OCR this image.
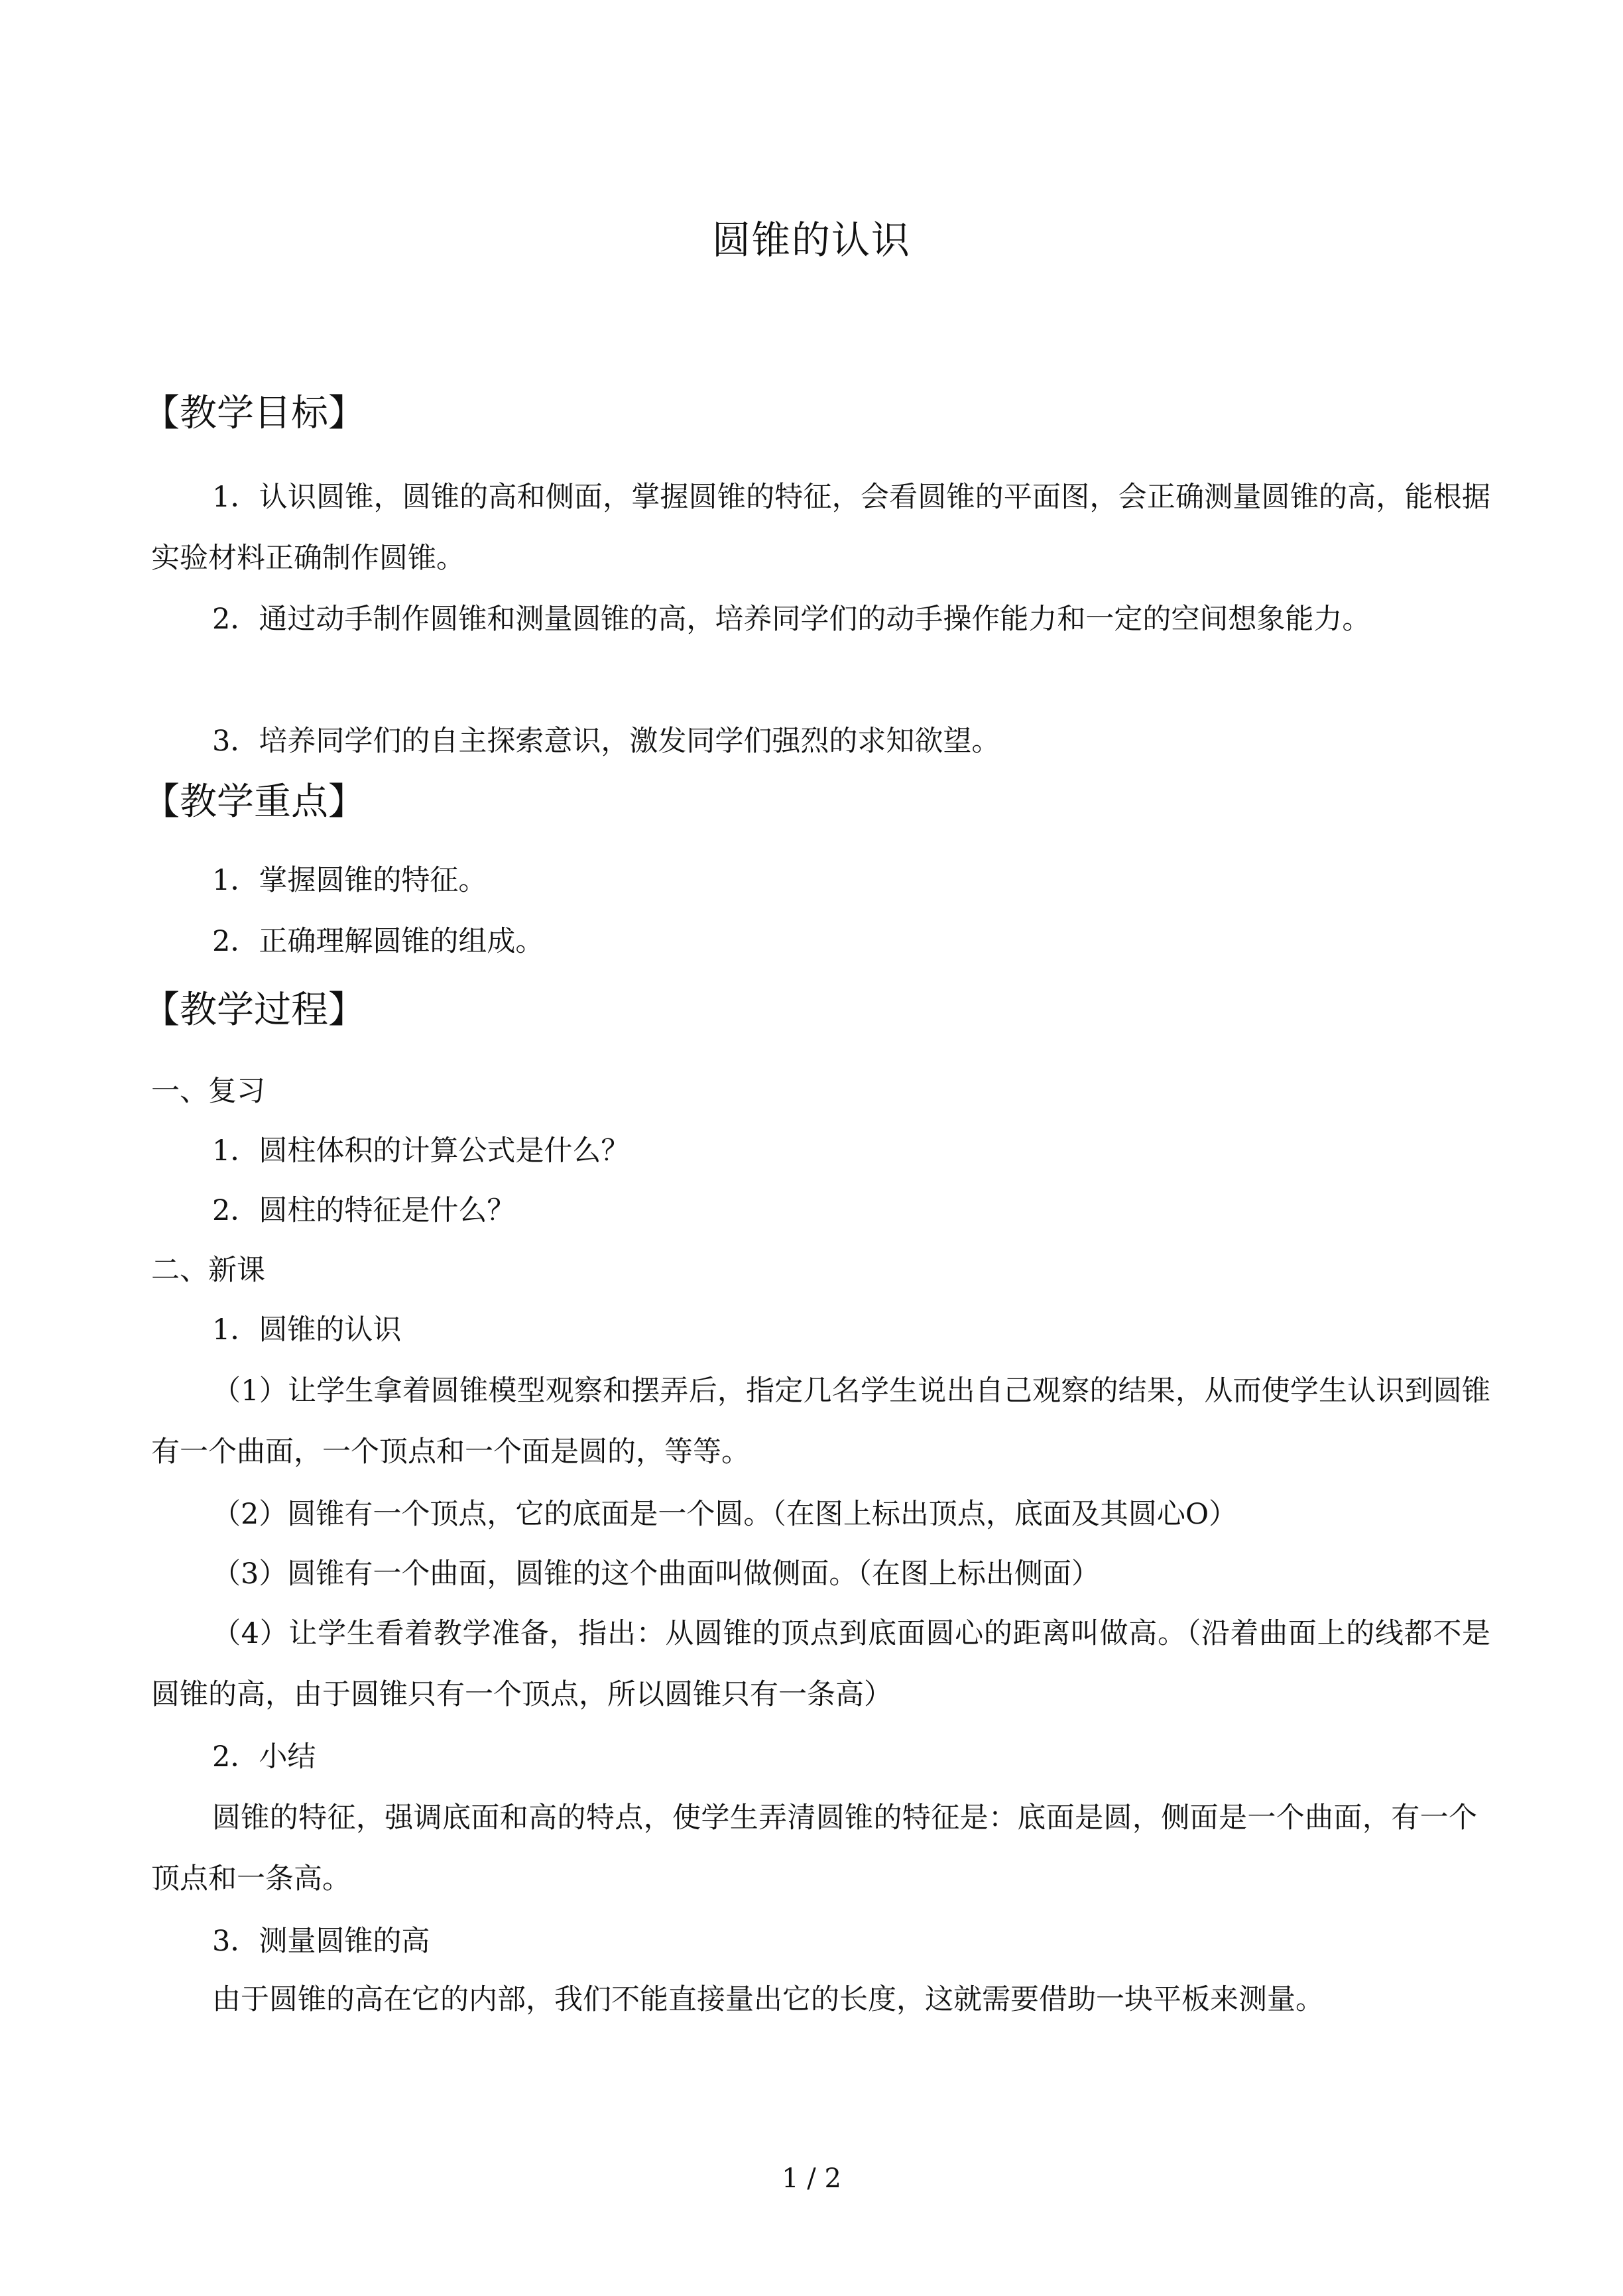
圆锥的认识
【教学目标】

1．认识圆锥，圆锥的高和侧面，掌握圆锥的特征，会看圆锥的平面图，会正确测量圆锥的高，能根据实验材料正确制作圆锥。

2．通过动手制作圆锥和测量圆锥的高，培养同学们的动手操作能力和一定的空间想象能力。

3．培养同学们的自主探索意识，激发同学们强烈的求知欲望。

【教学重点】
1．掌握圆锥的特征。
2．正确理解圆锥的组成。
【教学过程】
一、复习
1．圆柱体积的计算公式是什么？
2．圆柱的特征是什么？
二、新课
1．圆锥的认识

（1）让学生拿着圆锥模型观察和摆弄后，指定几名学生说出自己观察的结果，从而使学生认识到圆锥有一个曲面，一个顶点和一个面是圆的，等等。

（2）圆锥有一个顶点，它的底面是一个圆。（在图上标出顶点，底面及其圆心O）
（3）圆锥有一个曲面，圆锥的这个曲面叫做侧面。（在图上标出侧面）

（4）让学生看着教学准备，指出：从圆锥的顶点到底面圆心的距离叫做高。（沿着曲面上的线都不是圆锥的高，由于圆锥只有一个顶点，所以圆锥只有一条高）

2．小结

圆锥的特征，强调底面和高的特点，使学生弄清圆锥的特征是：底面是圆，侧面是一个曲面，有一个顶点和一条高。

3．测量圆锥的高
由于圆锥的高在它的内部，我们不能直接量出它的长度，这就需要借助一块平板来测量。
1 / 2
